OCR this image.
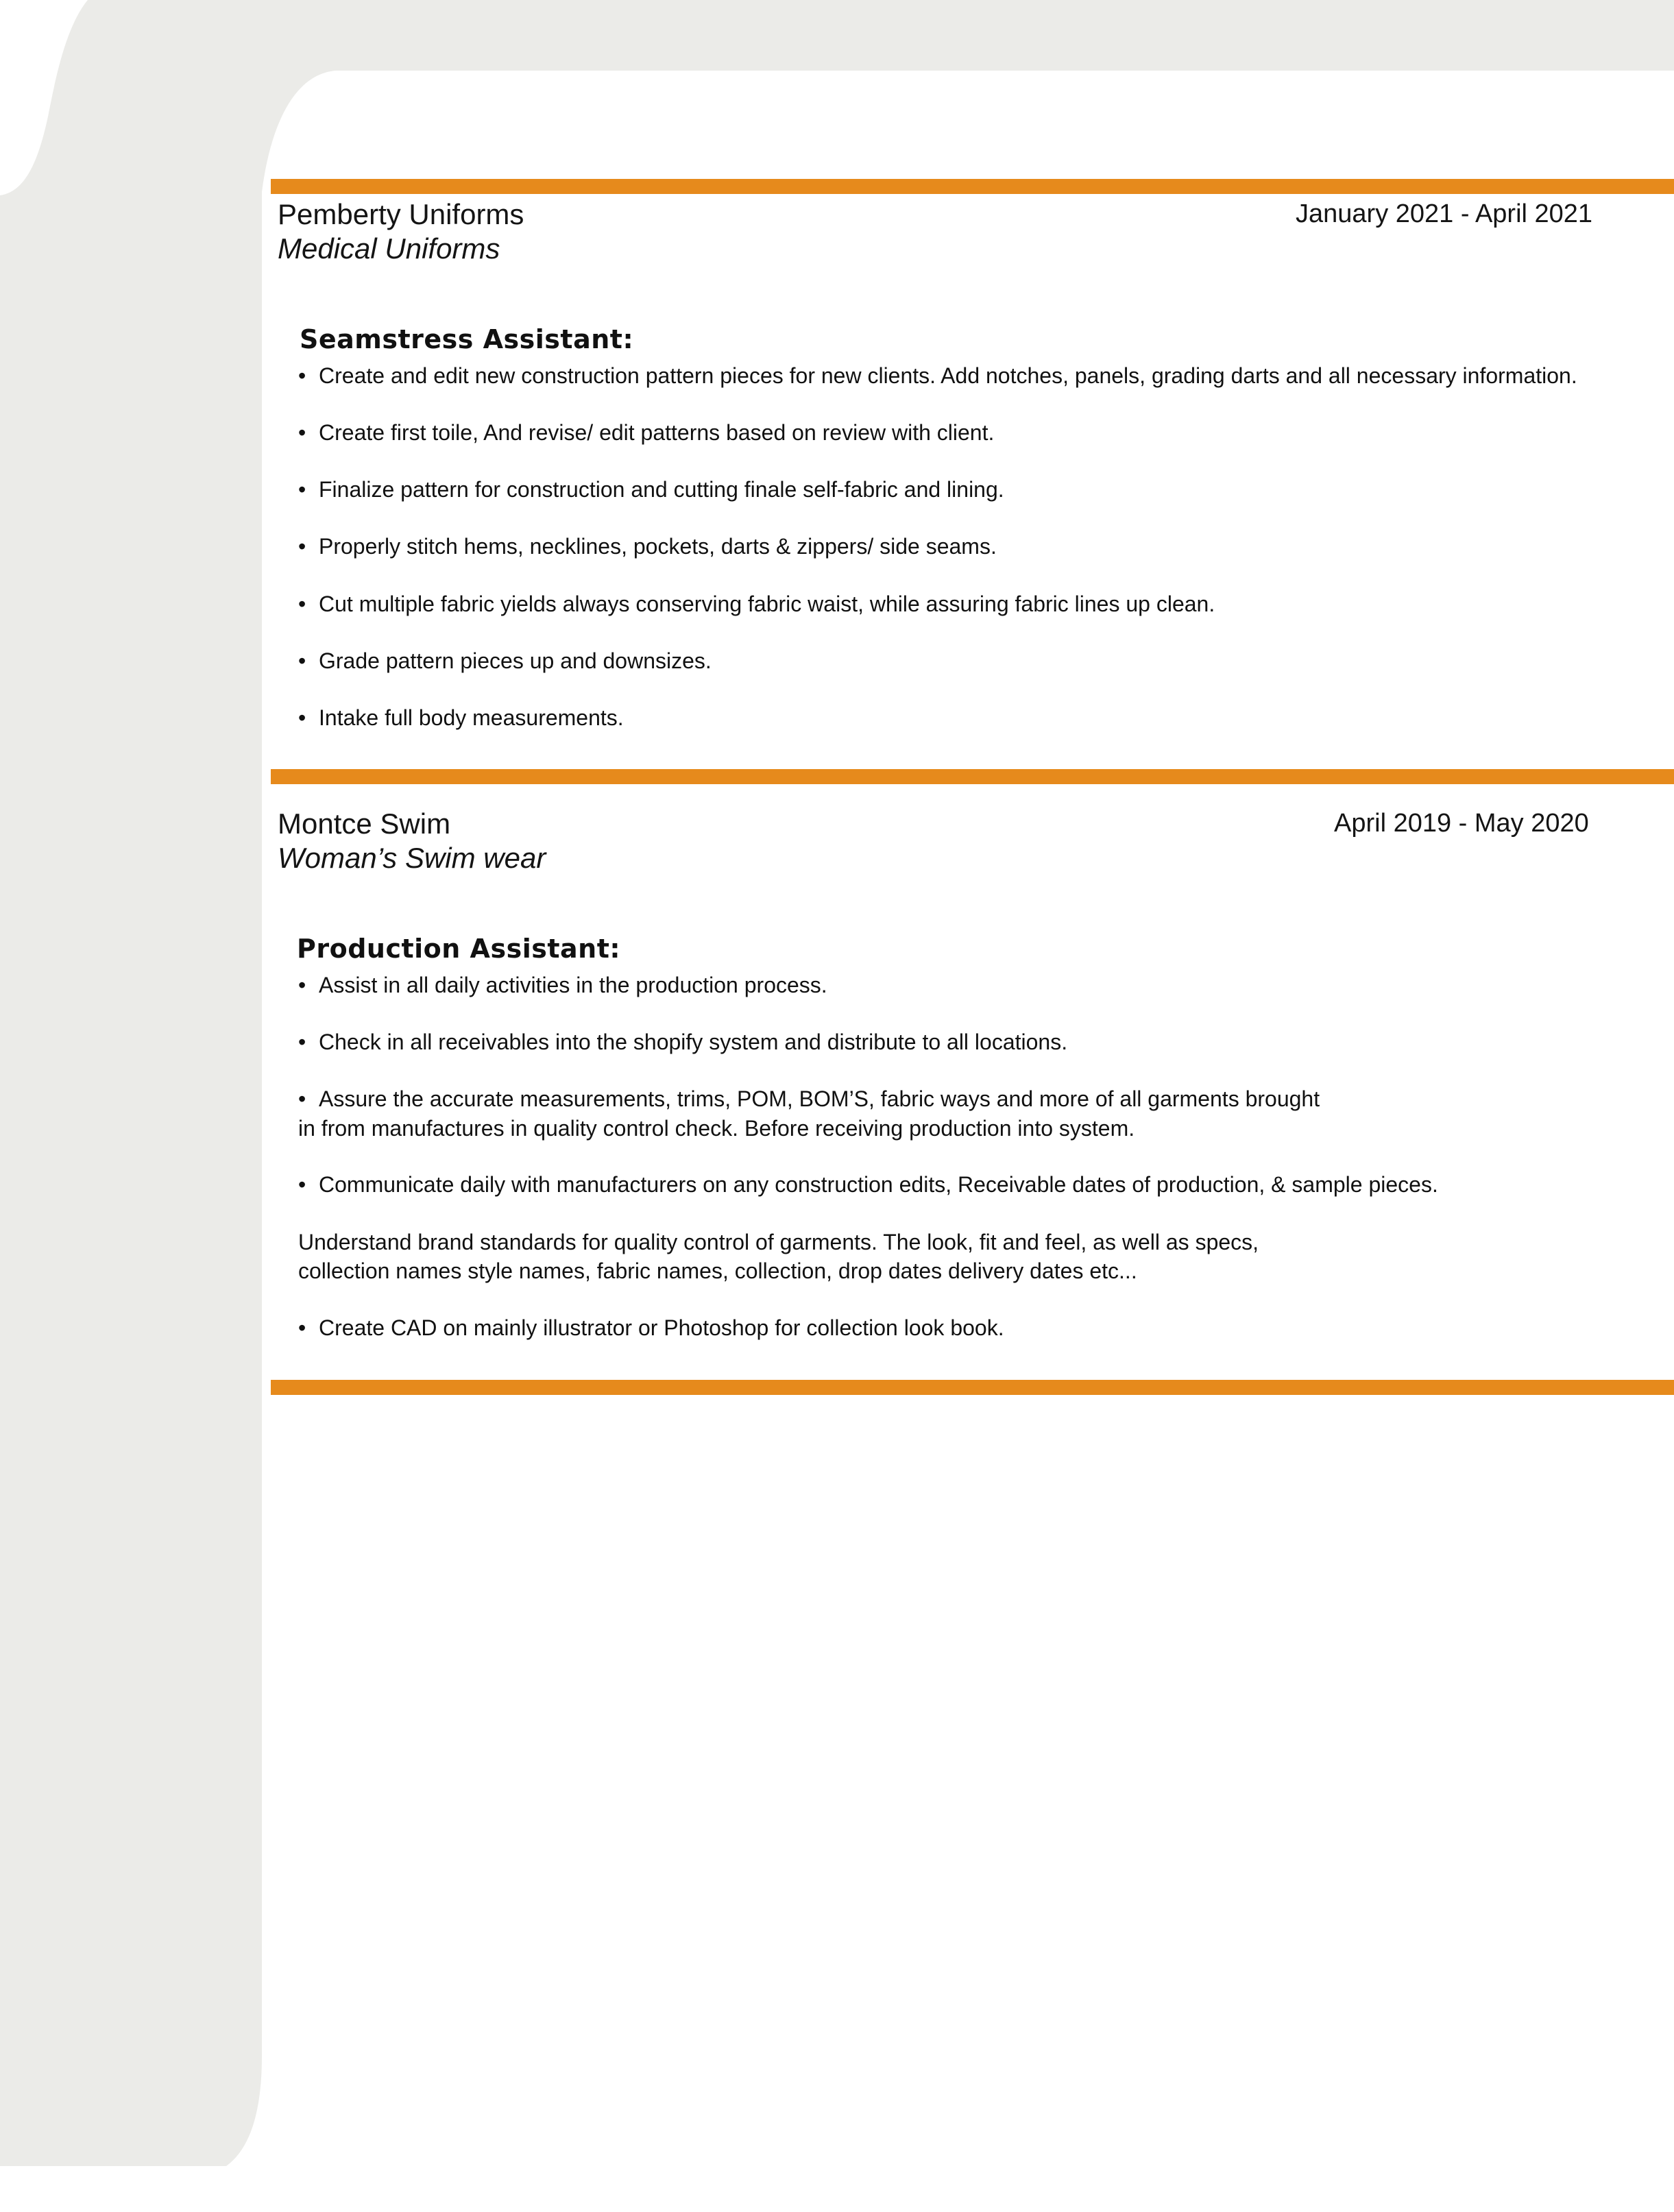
Pemberty Uniforms
Medical Uniforms
January 2021 - April 2021
Seamstress Assistant:
• Create and edit new construction pattern pieces for new clients. Add notches, panels, grading darts and all necessary information.
• Create first toile, And revise/ edit patterns based on review with client.
• Finalize pattern for construction and cutting finale self-fabric and lining.
• Properly stitch hems, necklines, pockets, darts & zippers/ side seams.
• Cut multiple fabric yields always conserving fabric waist, while assuring fabric lines up clean.
• Grade pattern pieces up and downsizes.
• Intake full body measurements.
Montce Swim
Woman’s Swim wear
April 2019 - May 2020
Production Assistant:
• Assist in all daily activities in the production process.
• Check in all receivables into the shopify system and distribute to all locations.
• Assure the accurate measurements, trims, POM, BOM’S, fabric ways and more of all garments brought
in from manufactures in quality control check. Before receiving production into system.
• Communicate daily with manufacturers on any construction edits, Receivable dates of production, & sample pieces.
Understand brand standards for quality control of garments. The look, fit and feel, as well as specs,
collection names style names, fabric names, collection, drop dates delivery dates etc...
• Create CAD on mainly illustrator or Photoshop for collection look book.
